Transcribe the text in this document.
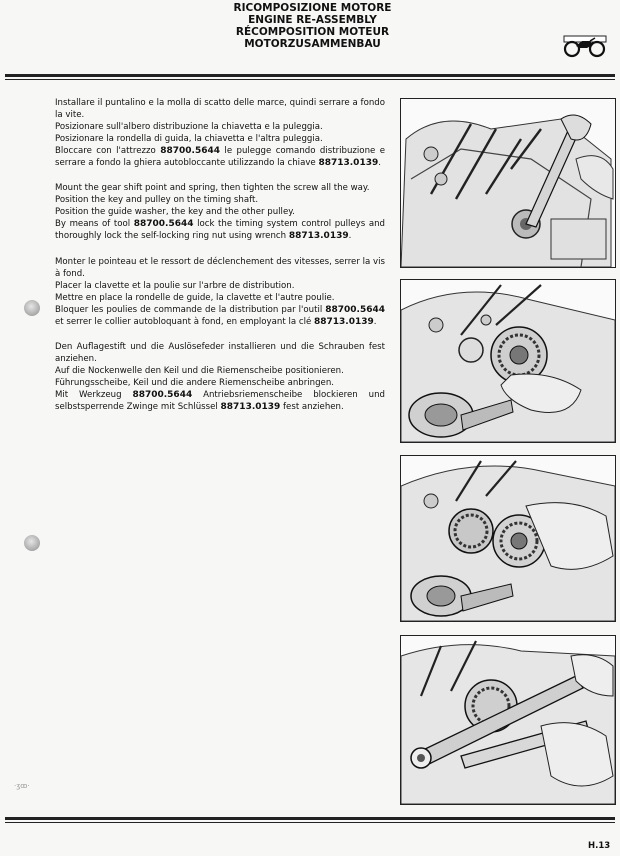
RICOMPOSIZIONE MOTORE
ENGINE RE-ASSEMBLY
RÉCOMPOSITION MOTEUR
MOTORZUSAMMENBAU

Installare il puntalino e la molla di scatto delle marce, quindi serrare a fondo la vite.
Posizionare sull'albero distribuzione la chiavetta e la puleggia.
Posizionare la rondella di guida, la chiavetta e l'altra puleggia.
Bloccare con l'attrezzo 88700.5644 le pulegge comando distribuzione e serrare a fondo la ghiera autobloccante utilizzando la chiave 88713.0139.

Mount the gear shift point and spring, then tighten the screw all the way.
Position the key and pulley on the timing shaft.
Position the guide washer, the key and the other pulley.
By means of tool 88700.5644 lock the timing system control pulleys and thoroughly lock the self-locking ring nut using wrench 88713.0139.

Monter le pointeau et le ressort de déclenchement des vitesses, serrer la vis à fond.
Placer la clavette et la poulie sur l'arbre de distribution.
Mettre en place la rondelle de guide, la clavette et l'autre poulie.
Bloquer les poulies de commande de la distribution par l'outil 88700.5644 et serrer le collier autobloquant à fond, en employant la clé 88713.0139.

Den Auflagestift und die Auslösefeder installieren und die Schrauben fest anziehen.
Auf die Nockenwelle den Keil und die Riemenscheibe positionieren.
Führungsscheibe, Keil und die andere Riemenscheibe anbringen.
Mit Werkzeug 88700.5644 Antriebsriemenscheibe blockieren und selbstsperrende Zwinge mit Schlüssel 88713.0139 fest anziehen.

·ʒꝏ·
H.13
